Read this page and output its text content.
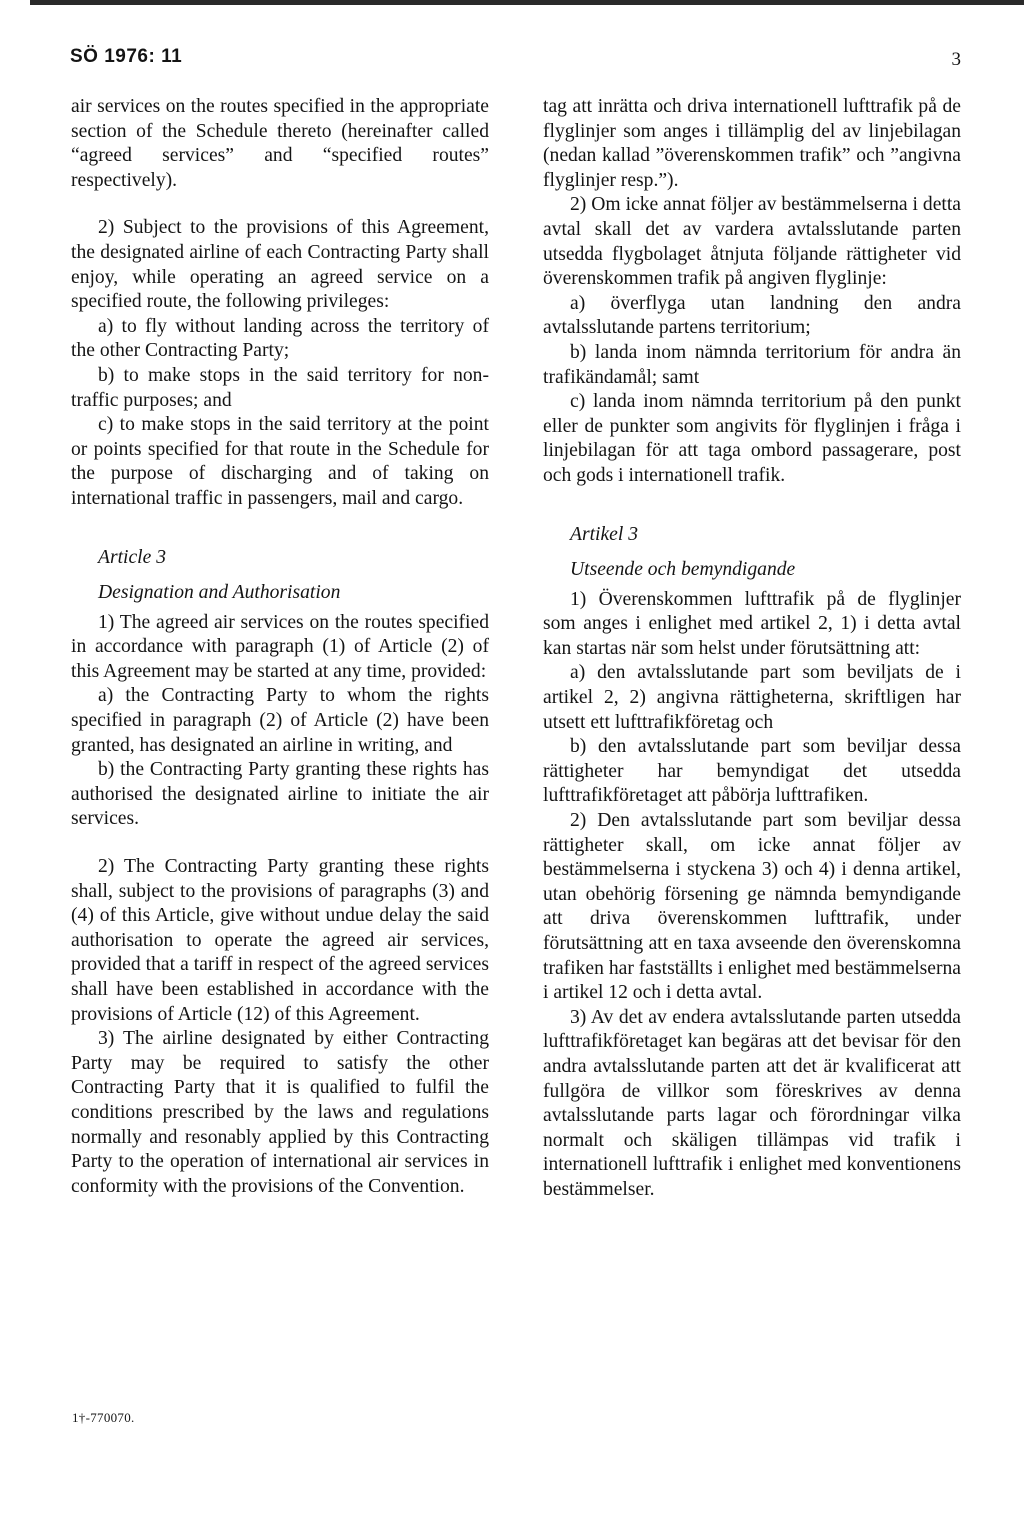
SÖ 1976: 11	3

air services on the routes specified in the appropriate section of the Schedule thereto (hereinafter called “agreed services” and “specified routes” respectively).

2) Subject to the provisions of this Agreement, the designated airline of each Contracting Party shall enjoy, while operating an agreed service on a specified route, the following privileges:

a) to fly without landing across the territory of the other Contracting Party;

b) to make stops in the said territory for non-traffic purposes; and

c) to make stops in the said territory at the point or points specified for that route in the Schedule for the purpose of discharging and of taking on international traffic in passengers, mail and cargo.

Article 3

Designation and Authorisation

1) The agreed air services on the routes specified in accordance with paragraph (1) of Article (2) of this Agreement may be started at any time, provided:

a) the Contracting Party to whom the rights specified in paragraph (2) of Article (2) have been granted, has designated an airline in writing, and

b) the Contracting Party granting these rights has authorised the designated airline to initiate the air services.

2) The Contracting Party granting these rights shall, subject to the provisions of paragraphs (3) and (4) of this Article, give without undue delay the said authorisation to operate the agreed air services, provided that a tariff in respect of the agreed services shall have been established in accordance with the provisions of Article (12) of this Agreement.

3) The airline designated by either Contracting Party may be required to satisfy the other Contracting Party that it is qualified to fulfil the conditions prescribed by the laws and regulations normally and resonably applied by this Contracting Party to the operation of international air services in conformity with the provisions of the Convention.

tag att inrätta och driva internationell lufttrafik på de flyglinjer som anges i tillämplig del av linjebilagan (nedan kallad ”överenskommen trafik” och ”angivna flyglinjer resp.”).

2) Om icke annat följer av bestämmelserna i detta avtal skall det av vardera avtalsslutande parten utsedda flygbolaget åtnjuta följande rättigheter vid överenskommen trafik på angiven flyglinje:

a) överflyga utan landning den andra avtalsslutande partens territorium;

b) landa inom nämnda territorium för andra än trafikändamål; samt

c) landa inom nämnda territorium på den punkt eller de punkter som angivits för flyglinjen i fråga i linjebilagan för att taga ombord passagerare, post och gods i internationell trafik.

Artikel 3

Utseende och bemyndigande

1) Överenskommen lufttrafik på de flyglinjer som anges i enlighet med artikel 2, 1) i detta avtal kan startas när som helst under förutsättning att:

a) den avtalsslutande part som beviljats de i artikel 2, 2) angivna rättigheterna, skriftligen har utsett ett lufttrafikföretag och

b) den avtalsslutande part som beviljar dessa rättigheter har bemyndigat det utsedda lufttrafikföretaget att påbörja lufttrafiken.

2) Den avtalsslutande part som beviljar dessa rättigheter skall, om icke annat följer av bestämmelserna i styckena 3) och 4) i denna artikel, utan obehörig försening ge nämnda bemyndigande att driva överenskommen lufttrafik, under förutsättning att en taxa avseende den överenskomna trafiken har fastställts i enlighet med bestämmelserna i artikel 12 och i detta avtal.

3) Av det av endera avtalsslutande parten utsedda lufttrafikföretaget kan begäras att det bevisar för den andra avtalsslutande parten att det är kvalificerat att fullgöra de villkor som föreskrives av denna avtalsslutande parts lagar och förordningar vilka normalt och skäligen tillämpas vid trafik i internationell lufttrafik i enlighet med konventionens bestämmelser.

1†-770070.
